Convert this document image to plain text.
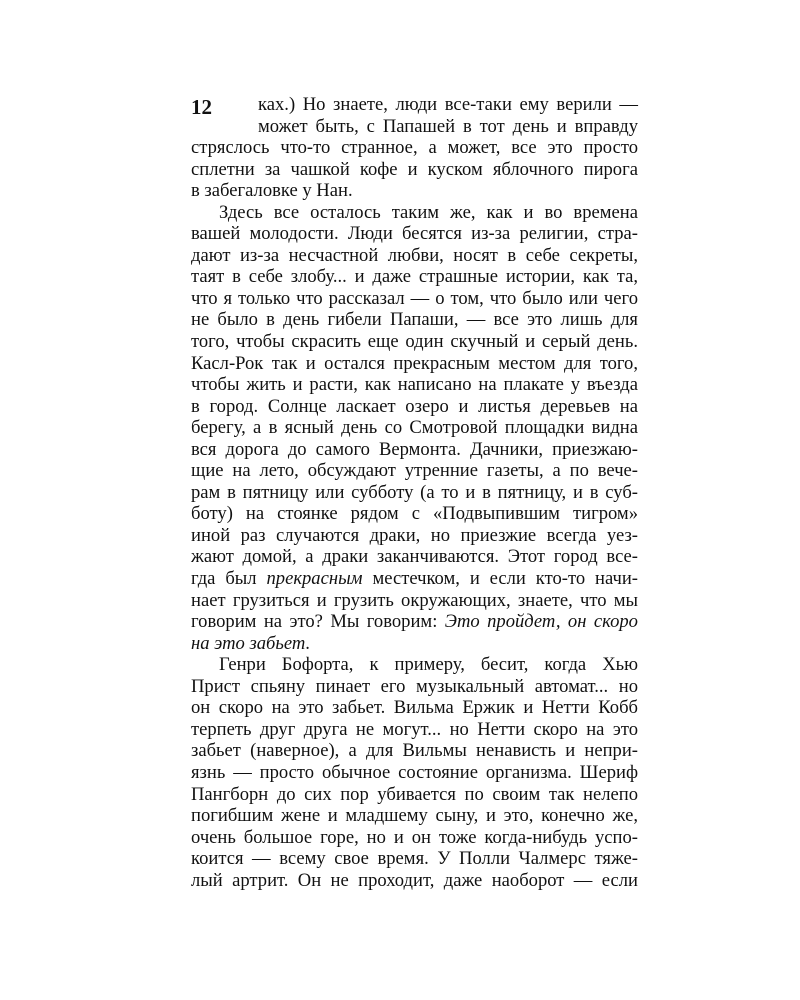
12	ках.) Но знаете, люди все-таки ему верили —
может быть, с Папашей в тот день и вправду
стряслось что-то странное, а может, все это просто
сплетни за чашкой кофе и куском яблочного пирога
в забегаловке у Нан.
Здесь все осталось таким же, как и во времена
вашей молодости. Люди бесятся из-за религии, стра-
дают из-за несчастной любви, носят в себе секреты,
таят в себе злобу... и даже страшные истории, как та,
что я только что рассказал — о том, что было или чего
не было в день гибели Папаши, — все это лишь для
того, чтобы скрасить еще один скучный и серый день.
Касл-Рок так и остался прекрасным местом для того,
чтобы жить и расти, как написано на плакате у въезда
в город. Солнце ласкает озеро и листья деревьев на
берегу, а в ясный день со Смотровой площадки видна
вся дорога до самого Вермонта. Дачники, приезжаю-
щие на лето, обсуждают утренние газеты, а по вече-
рам в пятницу или субботу (а то и в пятницу, и в суб-
боту) на стоянке рядом с «Подвыпившим тигром»
иной раз случаются драки, но приезжие всегда уез-
жают домой, а драки заканчиваются. Этот город все-
гда был прекрасным местечком, и если кто-то начи-
нает грузиться и грузить окружающих, знаете, что мы
говорим на это? Мы говорим: Это пройдет, он скоро
на это забьет.
Генри Бофорта, к примеру, бесит, когда Хью
Прист спьяну пинает его музыкальный автомат... но
он скоро на это забьет. Вильма Ержик и Нетти Кобб
терпеть друг друга не могут... но Нетти скоро на это
забьет (наверное), а для Вильмы ненависть и непри-
язнь — просто обычное состояние организма. Шериф
Пангборн до сих пор убивается по своим так нелепо
погибшим жене и младшему сыну, и это, конечно же,
очень большое горе, но и он тоже когда-нибудь успо-
коится — всему свое время. У Полли Чалмерс тяже-
лый артрит. Он не проходит, даже наоборот — если
